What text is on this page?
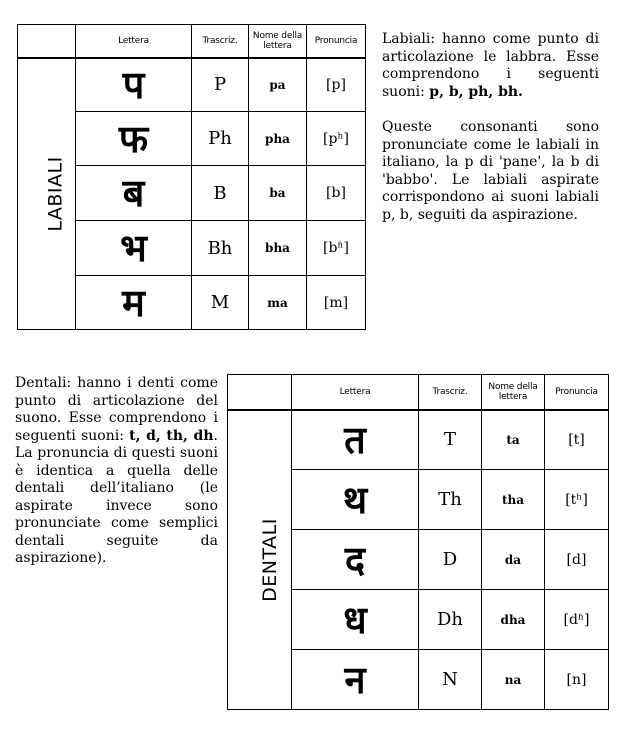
	Lettera	Trascriz.	Nome della lettera	Pronuncia
LABIALI	प	P	pa	[p]
	फ	Ph	pha	[pʰ]
	ब	B	ba	[b]
	भ	Bh	bha	[bʱ]
	म	M	ma	[m]

Labiali: hanno come punto di articolazione le labbra. Esse comprendono i seguenti suoni: p, b, ph, bh.

Queste consonanti sono pronunciate come le labiali in italiano, la p di 'pane', la b di 'babbo'. Le labiali aspirate corrispondono ai suoni labiali p, b, seguiti da aspirazione.

Dentali: hanno i denti come punto di articolazione del suono. Esse comprendono i seguenti suoni: t, d, th, dh. La pronuncia di questi suoni è identica a quella delle dentali dell’italiano (le aspirate invece sono pronunciate come semplici dentali seguite da aspirazione).

	Lettera	Trascriz.	Nome della lettera	Pronuncia
DENTALI	त	T	ta	[t]
	थ	Th	tha	[tʰ]
	द	D	da	[d]
	ध	Dh	dha	[dʱ]
	न	N	na	[n]
